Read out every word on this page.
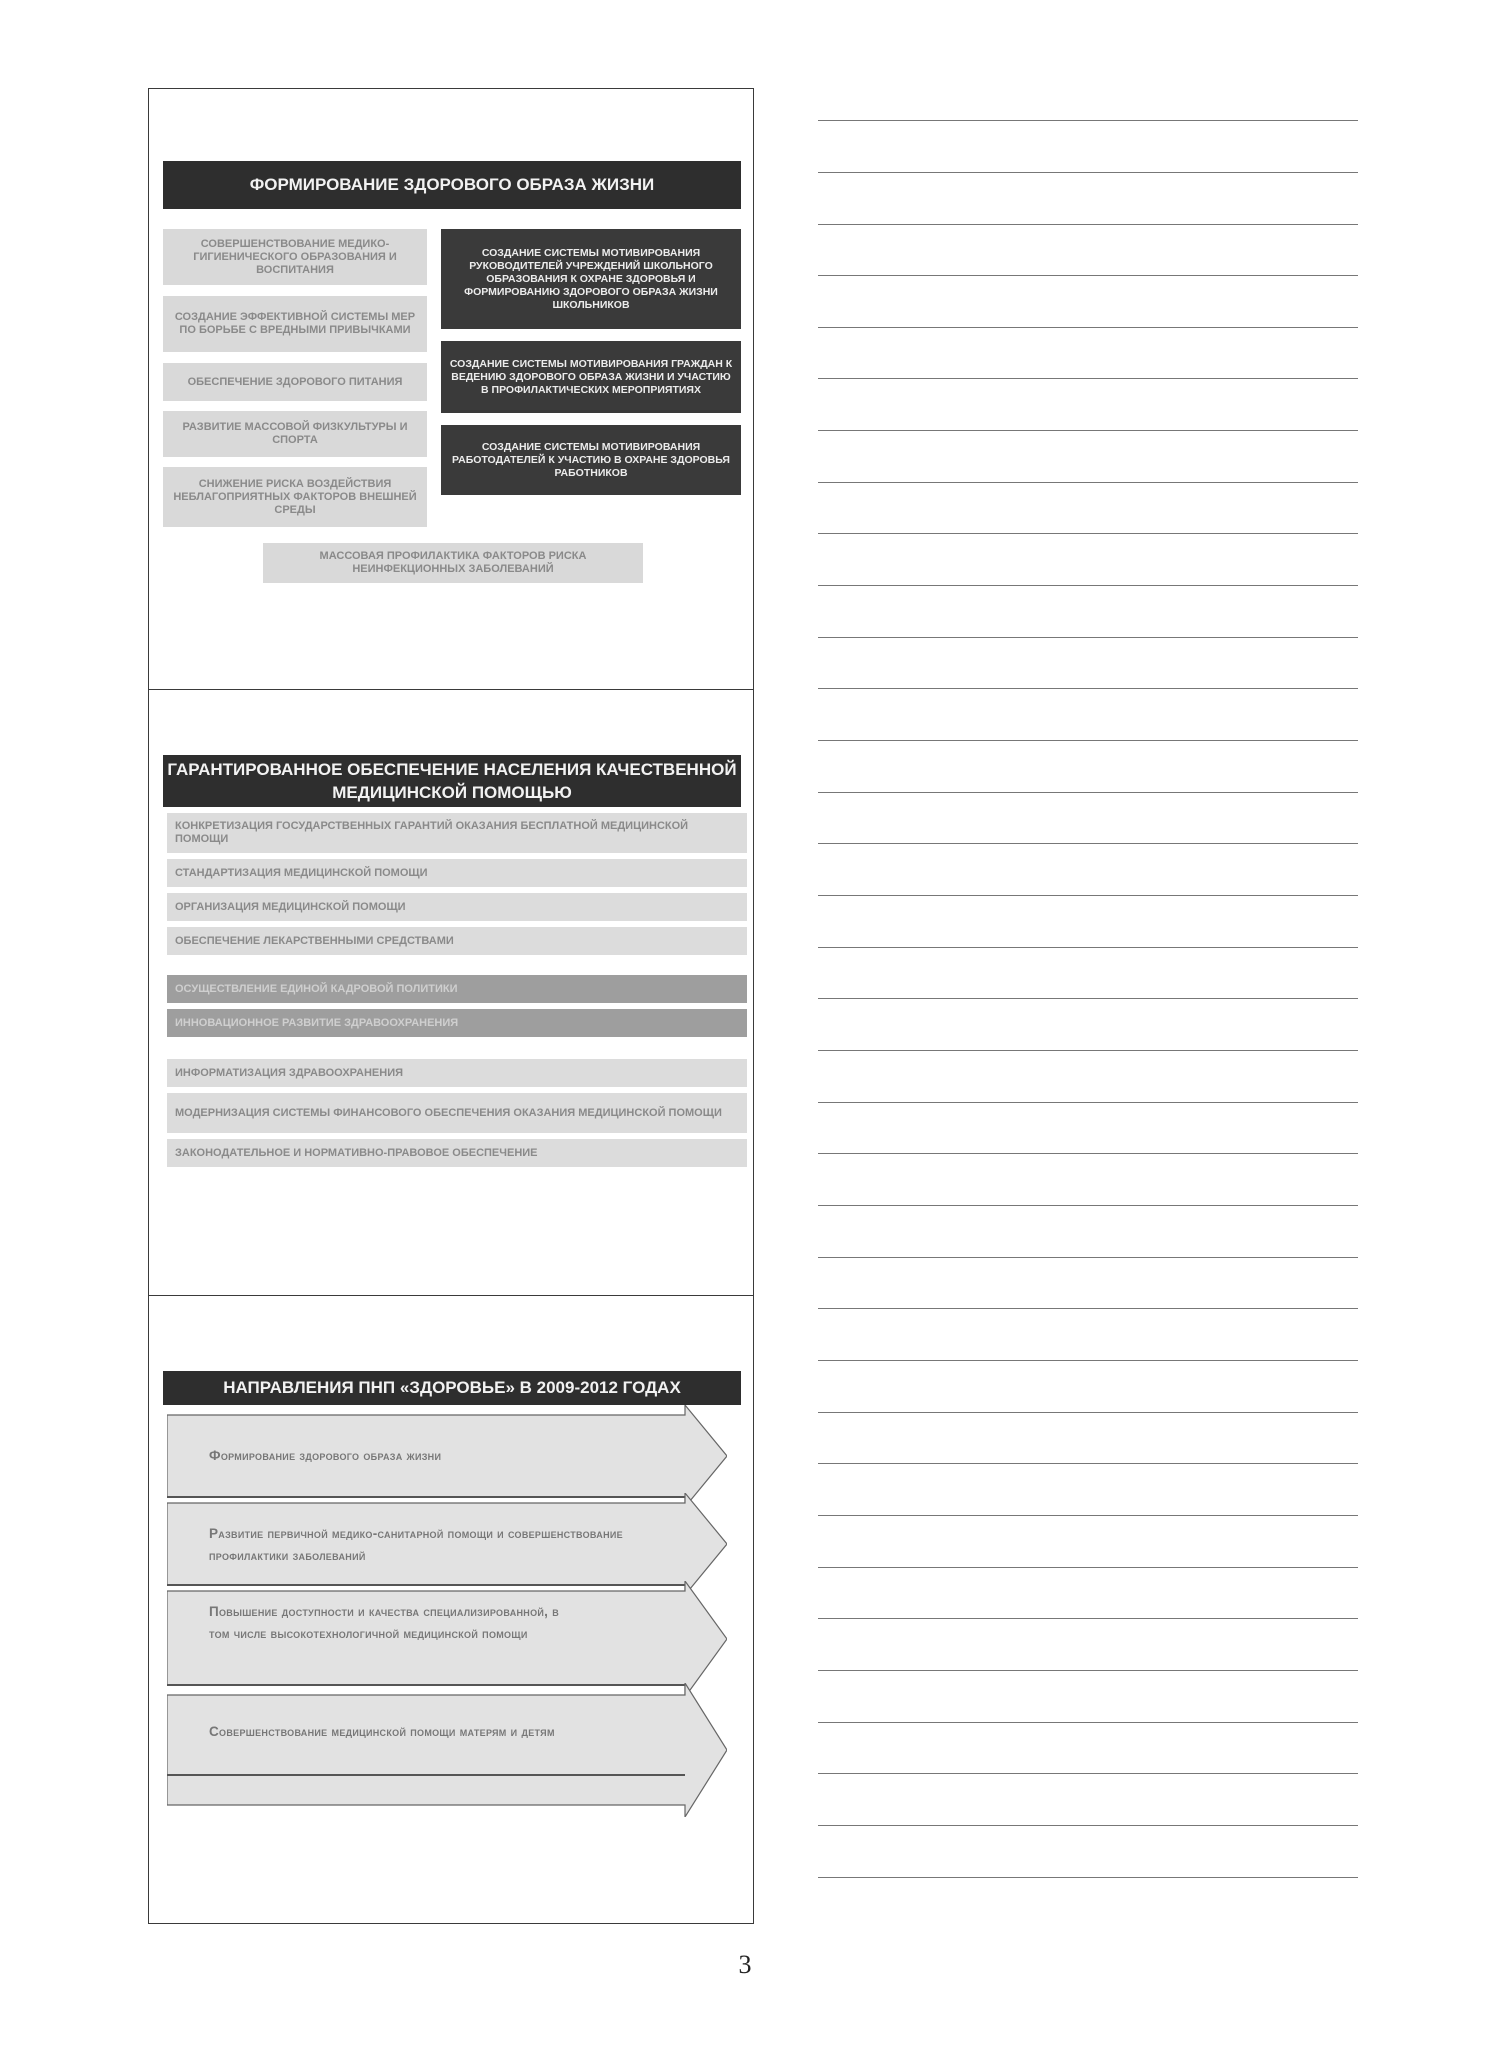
ФОРМИРОВАНИЕ ЗДОРОВОГО ОБРАЗА ЖИЗНИ
СОВЕРШЕНСТВОВАНИЕ МЕДИКО-ГИГИЕНИЧЕСКОГО ОБРАЗОВАНИЯ И ВОСПИТАНИЯ
СОЗДАНИЕ ЭФФЕКТИВНОЙ СИСТЕМЫ МЕР ПО БОРЬБЕ С ВРЕДНЫМИ ПРИВЫЧКАМИ
ОБЕСПЕЧЕНИЕ ЗДОРОВОГО ПИТАНИЯ
РАЗВИТИЕ МАССОВОЙ ФИЗКУЛЬТУРЫ И СПОРТА
СНИЖЕНИЕ РИСКА ВОЗДЕЙСТВИЯ НЕБЛАГОПРИЯТНЫХ ФАКТОРОВ ВНЕШНЕЙ СРЕДЫ
СОЗДАНИЕ СИСТЕМЫ МОТИВИРОВАНИЯ РУКОВОДИТЕЛЕЙ УЧРЕЖДЕНИЙ ШКОЛЬНОГО ОБРАЗОВАНИЯ К ОХРАНЕ ЗДОРОВЬЯ И ФОРМИРОВАНИЮ ЗДОРОВОГО ОБРАЗА ЖИЗНИ ШКОЛЬНИКОВ
СОЗДАНИЕ СИСТЕМЫ МОТИВИРОВАНИЯ ГРАЖДАН К ВЕДЕНИЮ ЗДОРОВОГО ОБРАЗА ЖИЗНИ И УЧАСТИЮ В ПРОФИЛАКТИЧЕСКИХ МЕРОПРИЯТИЯХ
СОЗДАНИЕ СИСТЕМЫ МОТИВИРОВАНИЯ РАБОТОДАТЕЛЕЙ К УЧАСТИЮ В ОХРАНЕ ЗДОРОВЬЯ РАБОТНИКОВ
МАССОВАЯ ПРОФИЛАКТИКА ФАКТОРОВ РИСКА НЕИНФЕКЦИОННЫХ ЗАБОЛЕВАНИЙ
ГАРАНТИРОВАННОЕ ОБЕСПЕЧЕНИЕ НАСЕЛЕНИЯ КАЧЕСТВЕННОЙ МЕДИЦИНСКОЙ ПОМОЩЬЮ
КОНКРЕТИЗАЦИЯ ГОСУДАРСТВЕННЫХ ГАРАНТИЙ ОКАЗАНИЯ БЕСПЛАТНОЙ МЕДИЦИНСКОЙ ПОМОЩИ
СТАНДАРТИЗАЦИЯ МЕДИЦИНСКОЙ ПОМОЩИ
ОРГАНИЗАЦИЯ МЕДИЦИНСКОЙ ПОМОЩИ
ОБЕСПЕЧЕНИЕ ЛЕКАРСТВЕННЫМИ СРЕДСТВАМИ
ОСУЩЕСТВЛЕНИЕ ЕДИНОЙ КАДРОВОЙ ПОЛИТИКИ
ИННОВАЦИОННОЕ РАЗВИТИЕ ЗДРАВООХРАНЕНИЯ
ИНФОРМАТИЗАЦИЯ ЗДРАВООХРАНЕНИЯ
МОДЕРНИЗАЦИЯ СИСТЕМЫ ФИНАНСОВОГО ОБЕСПЕЧЕНИЯ ОКАЗАНИЯ МЕДИЦИНСКОЙ ПОМОЩИ
ЗАКОНОДАТЕЛЬНОЕ И НОРМАТИВНО-ПРАВОВОЕ ОБЕСПЕЧЕНИЕ
НАПРАВЛЕНИЯ ПНП «ЗДОРОВЬЕ» В 2009-2012 ГОДАХ
Формирование здорового образа жизни
Развитие первичной медико-санитарной помощи и совершенствование профилактики заболеваний
Повышение доступности и качества специализированной, в том числе высокотехнологичной медицинской помощи
Совершенствование медицинской помощи матерям и детям
3
